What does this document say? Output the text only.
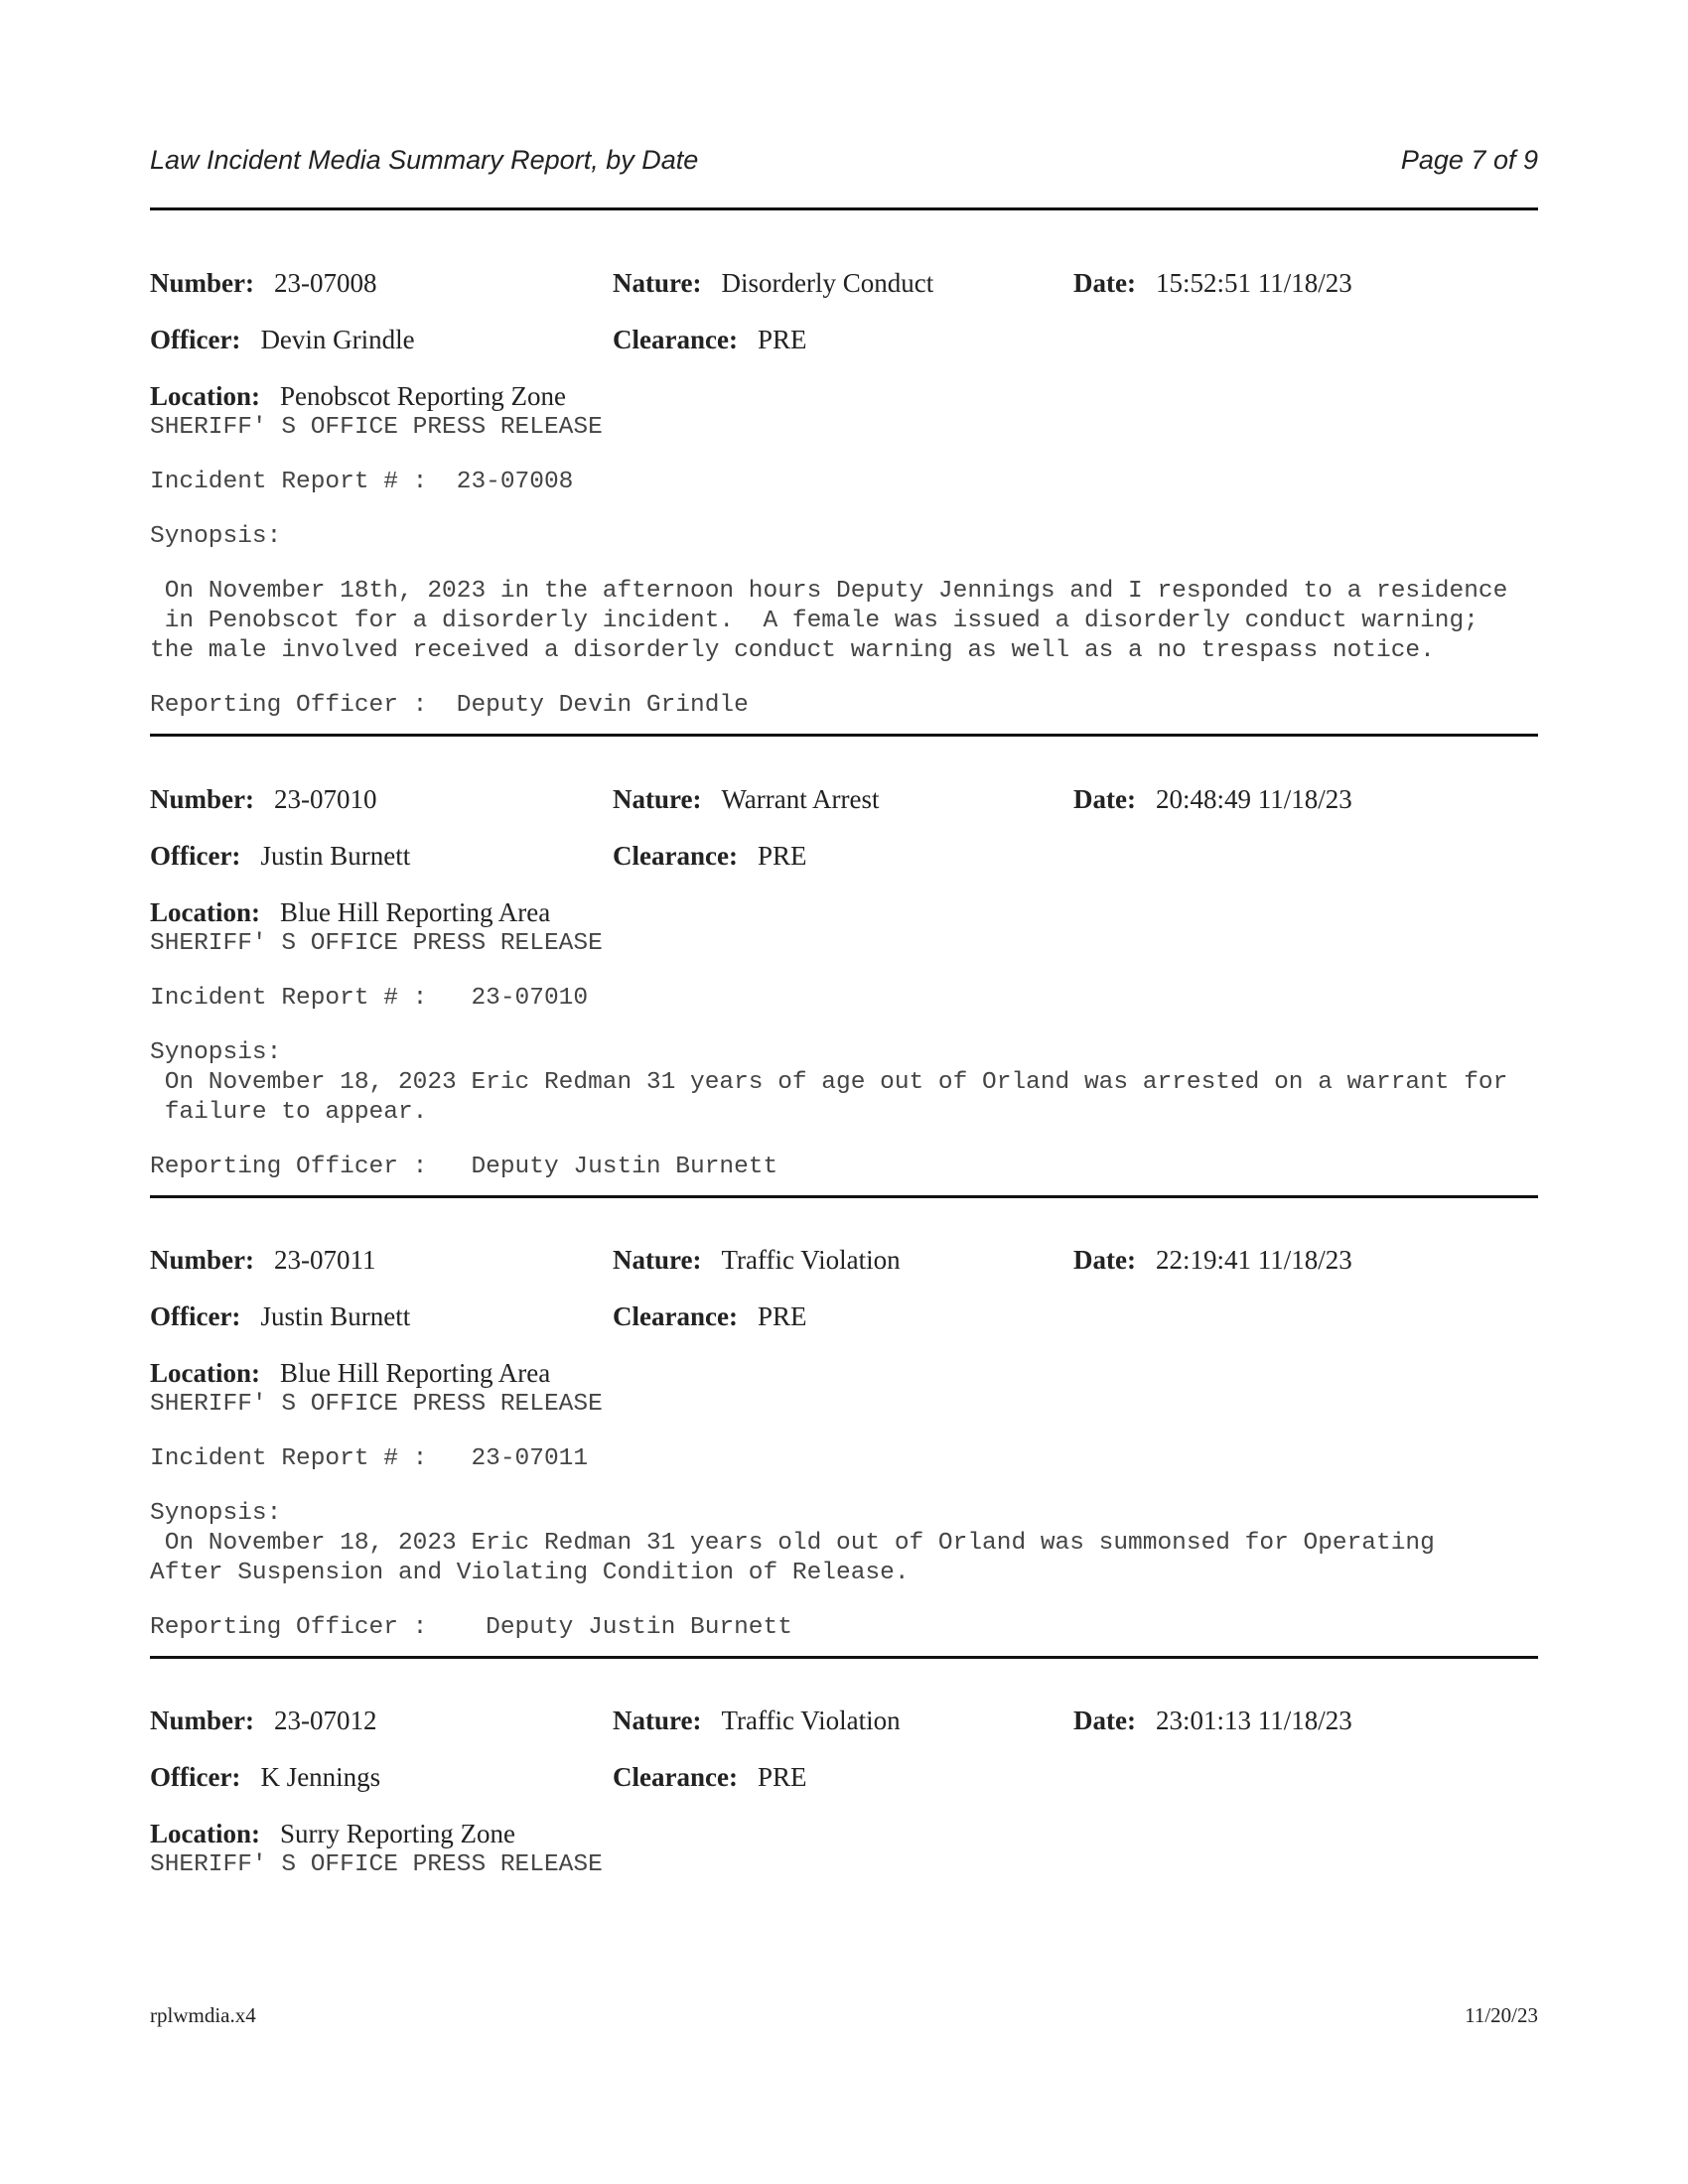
Law Incident Media Summary Report, by Date	Page 7 of 9
Number: 23-07008	Nature: Disorderly Conduct	Date: 15:52:51 11/18/23
Officer: Devin Grindle	Clearance: PRE
Location: Penobscot Reporting Zone
SHERIFF' S OFFICE PRESS RELEASE
Incident Report # :  23-07008
Synopsis:
On November 18th, 2023 in the afternoon hours Deputy Jennings and I responded to a residence
in Penobscot for a disorderly incident.  A female was issued a disorderly conduct warning;
the male involved received a disorderly conduct warning as well as a no trespass notice.
Reporting Officer :  Deputy Devin Grindle
Number: 23-07010	Nature: Warrant Arrest	Date: 20:48:49 11/18/23
Officer: Justin Burnett	Clearance: PRE
Location: Blue Hill Reporting Area
SHERIFF' S OFFICE PRESS RELEASE
Incident Report # :   23-07010
Synopsis:
On November 18, 2023 Eric Redman 31 years of age out of Orland was arrested on a warrant for
failure to appear.
Reporting Officer :   Deputy Justin Burnett
Number: 23-07011	Nature: Traffic Violation	Date: 22:19:41 11/18/23
Officer: Justin Burnett	Clearance: PRE
Location: Blue Hill Reporting Area
SHERIFF' S OFFICE PRESS RELEASE
Incident Report # :   23-07011
Synopsis:
On November 18, 2023 Eric Redman 31 years old out of Orland was summonsed for Operating
After Suspension and Violating Condition of Release.
Reporting Officer :    Deputy Justin Burnett
Number: 23-07012	Nature: Traffic Violation	Date: 23:01:13 11/18/23
Officer: K Jennings	Clearance: PRE
Location: Surry Reporting Zone
SHERIFF' S OFFICE PRESS RELEASE
rplwmdia.x4	11/20/23
